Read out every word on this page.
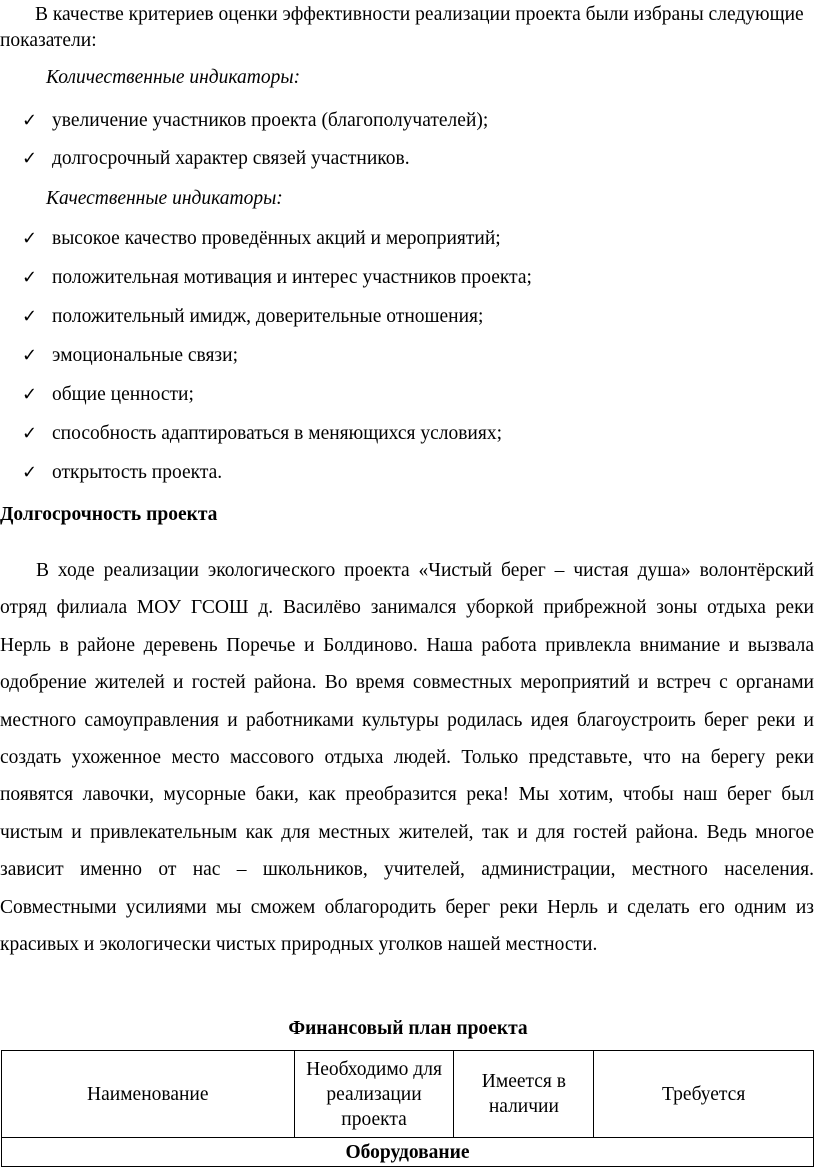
В качестве критериев оценки эффективности реализации проекта были избраны следующие показатели:

Количественные индикаторы:
✓ увеличение участников проекта (благополучателей);
✓ долгосрочный характер связей участников.
Качественные индикаторы:
✓ высокое качество проведённых акций и мероприятий;
✓ положительная мотивация и интерес участников проекта;
✓ положительный имидж, доверительные отношения;
✓ эмоциональные связи;
✓ общие ценности;
✓ способность адаптироваться в меняющихся условиях;
✓ открытость проекта.
Долгосрочность проекта

В ходе реализации экологического проекта «Чистый берег – чистая душа» волонтёрский отряд филиала МОУ ГСОШ д. Василёво занимался уборкой прибрежной зоны отдыха реки Нерль в районе деревень Поречье и Болдиново. Наша работа привлекла внимание и вызвала одобрение жителей и гостей района. Во время совместных мероприятий и встреч с органами местного самоуправления и работниками культуры родилась идея благоустроить берег реки и создать ухоженное место массового отдыха людей. Только представьте, что на берегу реки появятся лавочки, мусорные баки, как преобразится река! Мы хотим, чтобы наш берег был чистым и привлекательным как для местных жителей, так и для гостей района. Ведь многое зависит именно от нас – школьников, учителей, администрации, местного населения. Совместными усилиями мы сможем облагородить берег реки Нерль и сделать его одним из красивых и экологически чистых природных уголков нашей местности.

Финансовый план проекта
Наименование	Необходимо для реализации проекта	Имеется в наличии	Требуется
Оборудование
